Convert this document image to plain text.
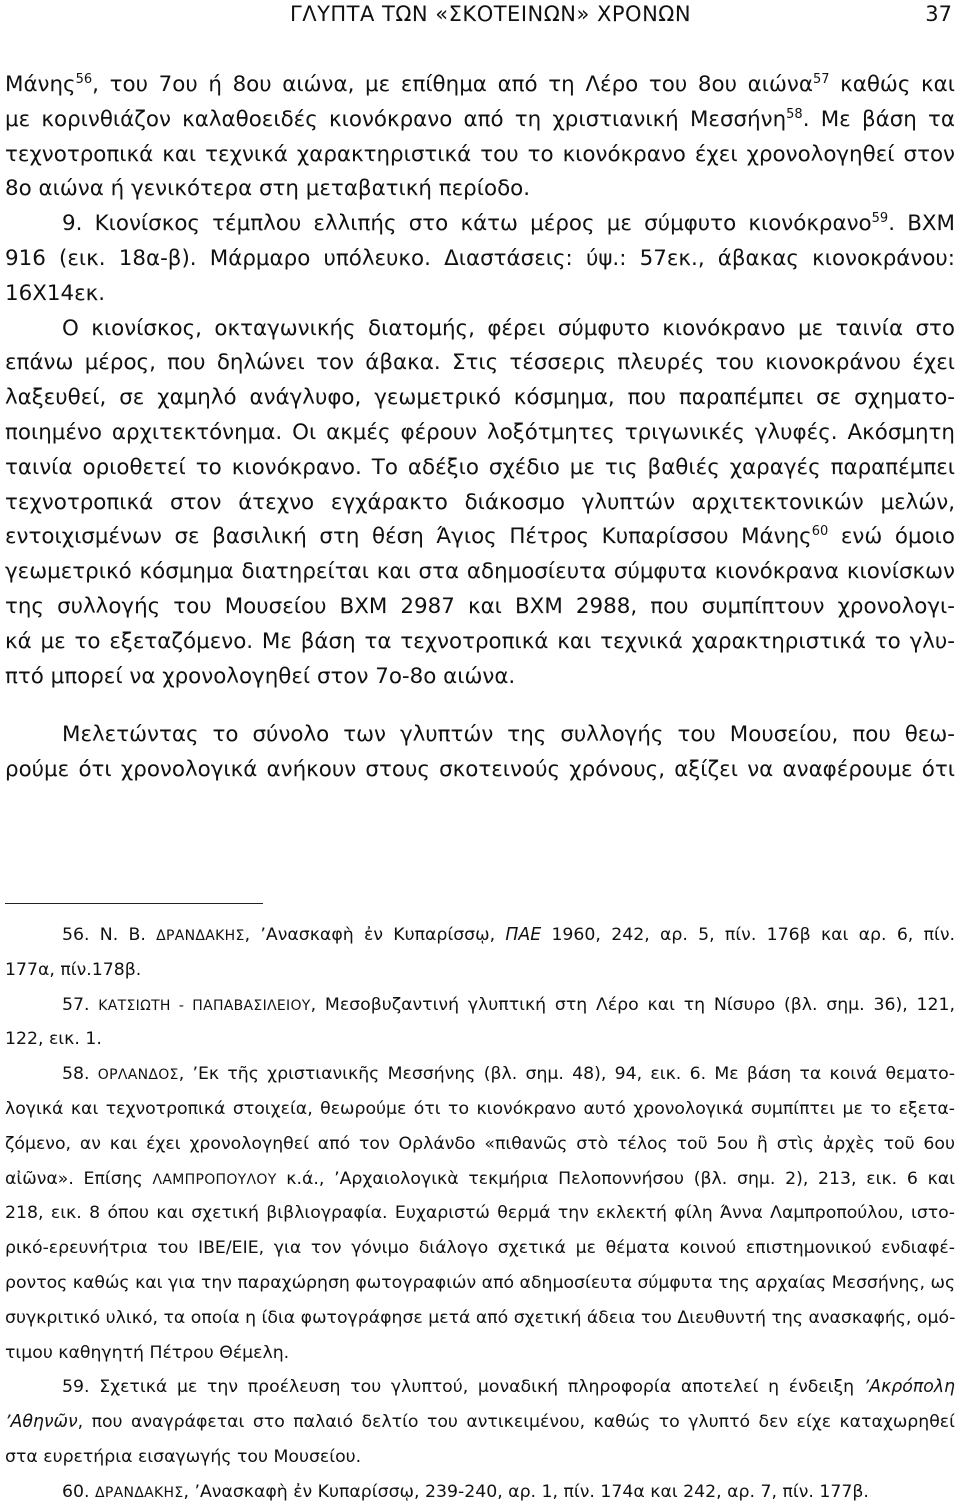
ΓΛΥΠΤΑ ΤΩΝ «ΣΚΟΤΕΙΝΩΝ» ΧΡΟΝΩΝ	37
Μάνης$^{56}$, του 7ου ή 8ου αιώνα, με επίθημα από τη Λέρο του 8ου αιώνα$^{57}$ καθώς και
με κορινθιάζον καλαθοειδές κιονόκρανο από τη χριστιανική Μεσσήνη$^{58}$. Με βάση τα
τεχνοτροπικά και τεχνικά χαρακτηριστικά του το κιονόκρανο έχει χρονολογηθεί στον
8ο αιώνα ή γενικότερα στη μεταβατική περίοδο.
9. Κιονίσκος τέμπλου ελλιπής στο κάτω μέρος με σύμφυτο κιονόκρανο$^{59}$. ΒΧΜ
916 (εικ. 18α-β). Μάρμαρο υπόλευκο. Διαστάσεις: ύψ.: 57εκ., άβακας κιονοκράνου:
16Χ14εκ.
Ο κιονίσκος, οκταγωνικής διατομής, φέρει σύμφυτο κιονόκρανο με ταινία στο
επάνω μέρος, που δηλώνει τον άβακα. Στις τέσσερις πλευρές του κιονοκράνου έχει
λαξευθεί, σε χαμηλό ανάγλυφο, γεωμετρικό κόσμημα, που παραπέμπει σε σχηματο-
ποιημένο αρχιτεκτόνημα. Οι ακμές φέρουν λοξότμητες τριγωνικές γλυφές. Ακόσμητη
ταινία οριοθετεί το κιονόκρανο. Το αδέξιο σχέδιο με τις βαθιές χαραγές παραπέμπει
τεχνοτροπικά στον άτεχνο εγχάρακτο διάκοσμο γλυπτών αρχιτεκτονικών μελών,
εντοιχισμένων σε βασιλική στη θέση Άγιος Πέτρος Κυπαρίσσου Μάνης$^{60}$ ενώ όμοιο
γεωμετρικό κόσμημα διατηρείται και στα αδημοσίευτα σύμφυτα κιονόκρανα κιονίσκων
της συλλογής του Μουσείου ΒΧΜ 2987 και ΒΧΜ 2988, που συμπίπτουν χρονολογι-
κά με το εξεταζόμενο. Με βάση τα τεχνοτροπικά και τεχνικά χαρακτηριστικά το γλυ-
πτό μπορεί να χρονολογηθεί στον 7ο-8ο αιώνα.
Μελετώντας το σύνολο των γλυπτών της συλλογής του Μουσείου, που θεω-
ρούμε ότι χρονολογικά ανήκουν στους σκοτεινούς χρόνους, αξίζει να αναφέρουμε ότι
56. Ν. Β. ΔΡΑΝΔΑΚΗΣ, ’Ανασκαφὴ ἐν Κυπαρίσσῳ, ΠΑΕ 1960, 242, αρ. 5, πίν. 176β και αρ. 6, πίν.
177α, πίν.178β.
57. ΚΑΤΣΙΩΤΗ - ΠΑΠΑΒΑΣΙΛΕΙΟΥ, Μεσοβυζαντινή γλυπτική στη Λέρο και τη Νίσυρο (βλ. σημ. 36), 121,
122, εικ. 1.
58. ΟΡΛΑΝΔΟΣ, ’Εκ τῆς χριστιανικῆς Μεσσήνης (βλ. σημ. 48), 94, εικ. 6. Με βάση τα κοινά θεματο-
λογικά και τεχνοτροπικά στοιχεία, θεωρούμε ότι το κιονόκρανο αυτό χρονολογικά συμπίπτει με το εξετα-
ζόμενο, αν και έχει χρονολογηθεί από τον Ορλάνδο «πιθανῶς στὸ τέλος τοῦ 5ου ἢ στὶς ἀρχὲς τοῦ 6ου
αἰῶνα». Επίσης ΛΑΜΠΡΟΠΟΥΛΟΥ κ.ά., ’Αρχαιολογικὰ τεκμήρια Πελοποννήσου (βλ. σημ. 2), 213, εικ. 6 και
218, εικ. 8 όπου και σχετική βιβλιογραφία. Ευχαριστώ θερμά την εκλεκτή φίλη Άννα Λαμπροπούλου, ιστο-
ρικό-ερευνήτρια του ΙΒΕ/ΕΙΕ, για τον γόνιμο διάλογο σχετικά με θέματα κοινού επιστημονικού ενδιαφέ-
ροντος καθώς και για την παραχώρηση φωτογραφιών από αδημοσίευτα σύμφυτα της αρχαίας Μεσσήνης, ως
συγκριτικό υλικό, τα οποία η ίδια φωτογράφησε μετά από σχετική άδεια του Διευθυντή της ανασκαφής, ομό-
τιμου καθηγητή Πέτρου Θέμελη.
59. Σχετικά με την προέλευση του γλυπτού, μοναδική πληροφορία αποτελεί η ένδειξη ’Ακρόπολη
’Αθηνῶν, που αναγράφεται στο παλαιό δελτίο του αντικειμένου, καθώς το γλυπτό δεν είχε καταχωρηθεί
στα ευρετήρια εισαγωγής του Μουσείου.
60. ΔΡΑΝΔΑΚΗΣ, ’Ανασκαφὴ ἐν Κυπαρίσσῳ, 239-240, αρ. 1, πίν. 174α και 242, αρ. 7, πίν. 177β.
